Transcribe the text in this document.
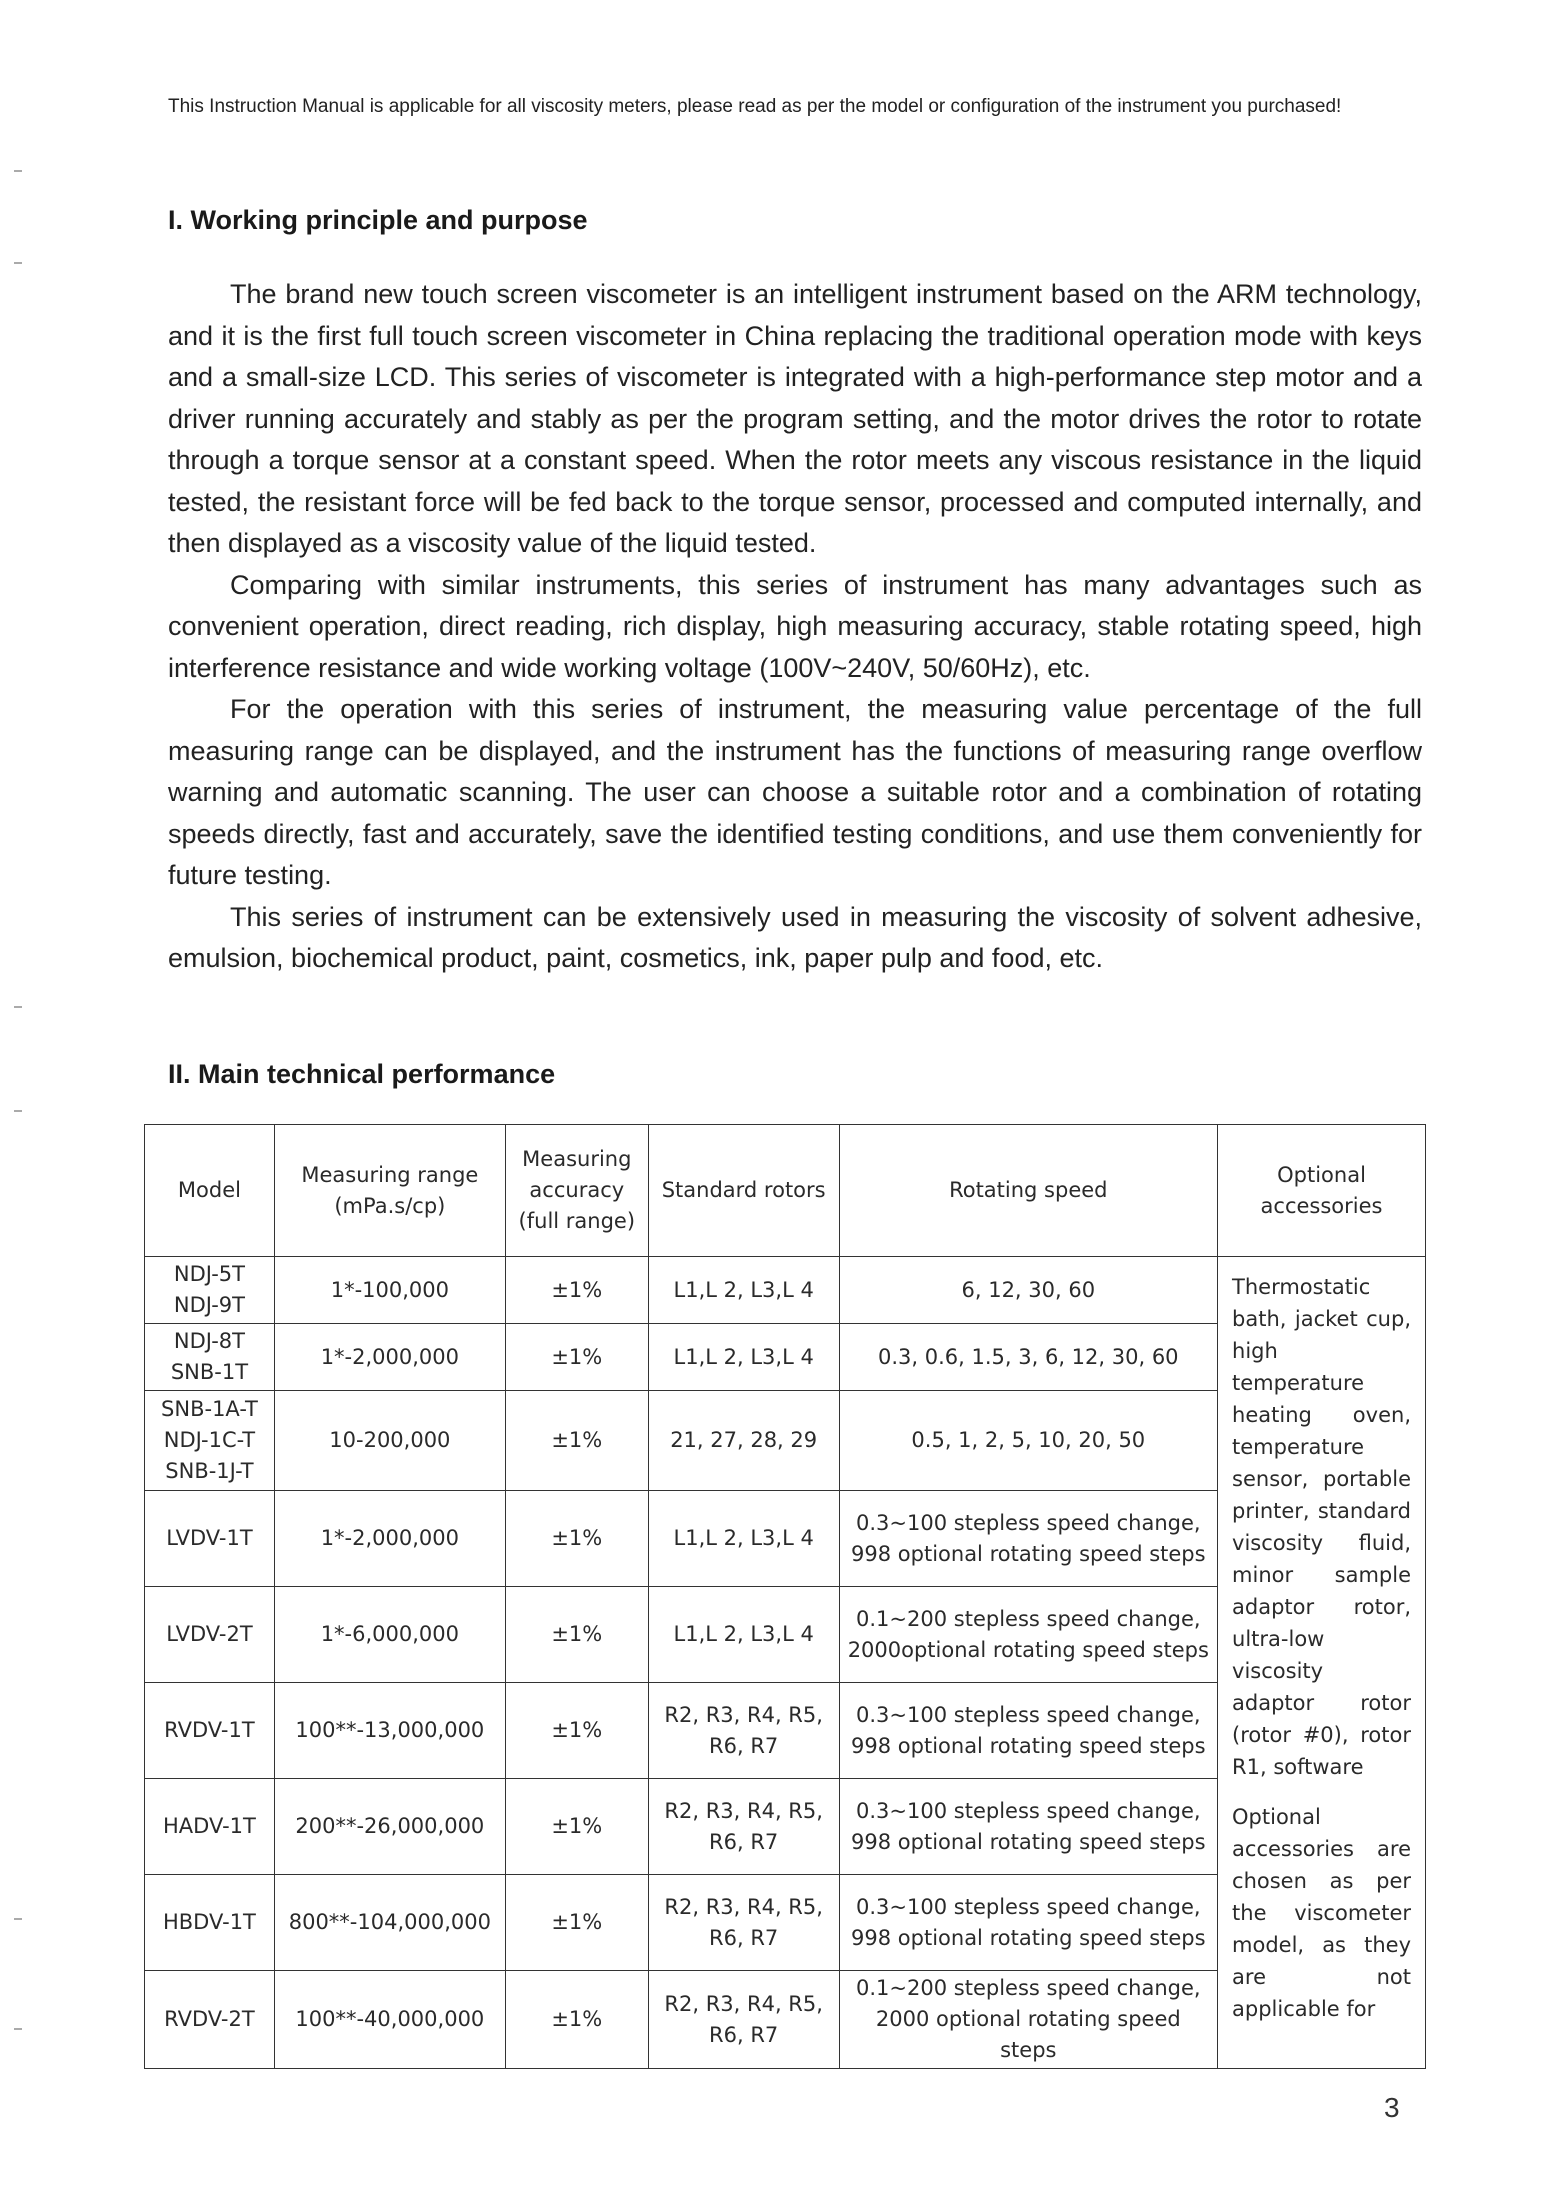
This Instruction Manual is applicable for all viscosity meters, please read as per the model or configuration of the instrument you purchased!
I. Working principle and purpose

The brand new touch screen viscometer is an intelligent instrument based on the ARM technology, and it is the first full touch screen viscometer in China replacing the traditional operation mode with keys and a small-size LCD. This series of viscometer is integrated with a high-performance step motor and a driver running accurately and stably as per the program setting, and the motor drives the rotor to rotate through a torque sensor at a constant speed. When the rotor meets any viscous resistance in the liquid tested, the resistant force will be fed back to the torque sensor, processed and computed internally, and then displayed as a viscosity value of the liquid tested.

Comparing with similar instruments, this series of instrument has many advantages such as convenient operation, direct reading, rich display, high measuring accuracy, stable rotating speed, high interference resistance and wide working voltage (100V~240V, 50/60Hz), etc.

For the operation with this series of instrument, the measuring value percentage of the full measuring range can be displayed, and the instrument has the functions of measuring range overflow warning and automatic scanning. The user can choose a suitable rotor and a combination of rotating speeds directly, fast and accurately, save the identified testing conditions, and use them conveniently for future testing.

This series of instrument can be extensively used in measuring the viscosity of solvent adhesive, emulsion, biochemical product, paint, cosmetics, ink, paper pulp and food, etc.

II. Main technical performance
Model	Measuring range (mPa.s/cp)	Measuring accuracy (full range)	Standard rotors	Rotating speed	Optional accessories
NDJ-5T NDJ-9T	1*-100,000	±1%	L1,L 2, L3,L 4	6, 12, 30, 60	Thermostatic bath, jacket cup, high temperature heating oven, temperature sensor, portable printer, standard viscosity fluid, minor sample adaptor rotor, ultra-low viscosity adaptor rotor (rotor #0), rotor R1, software

Optional accessories are chosen as per the viscometer model, as they are not applicable for

NDJ-8T SNB-1T	1*-2,000,000	±1%	L1,L 2, L3,L 4	0.3, 0.6, 1.5, 3, 6, 12, 30, 60	
SNB-1A-T NDJ-1C-T SNB-1J-T	10-200,000	±1%	21, 27, 28, 29	0.5, 1, 2, 5, 10, 20, 50	
LVDV-1T	1*-2,000,000	±1%	L1,L 2, L3,L 4	0.3~100 stepless speed change, 998 optional rotating speed steps	
LVDV-2T	1*-6,000,000	±1%	L1,L 2, L3,L 4	0.1~200 stepless speed change, 2000optional rotating speed steps	
RVDV-1T	100**-13,000,000	±1%	R2, R3, R4, R5, R6, R7	0.3~100 stepless speed change, 998 optional rotating speed steps	
HADV-1T	200**-26,000,000	±1%	R2, R3, R4, R5, R6, R7	0.3~100 stepless speed change, 998 optional rotating speed steps	
HBDV-1T	800**-104,000,000	±1%	R2, R3, R4, R5, R6, R7	0.3~100 stepless speed change, 998 optional rotating speed steps	
RVDV-2T	100**-40,000,000	±1%	R2, R3, R4, R5, R6, R7	0.1~200 stepless speed change, 2000 optional rotating speed steps	
3
